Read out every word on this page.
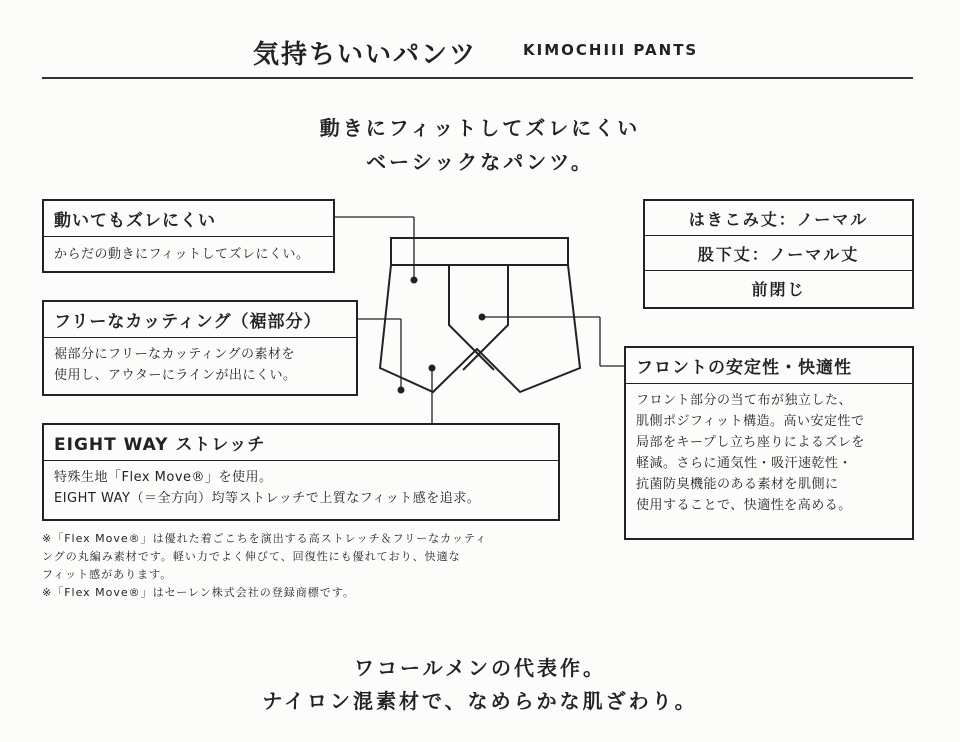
気持ちいいパンツ	KIMOCHIII PANTS
動きにフィットしてズレにくい
ベーシックなパンツ。
動いてもズレにくい
からだの動きにフィットしてズレにくい。
フリーなカッティング（裾部分）
裾部分にフリーなカッティングの素材を
使用し、アウターにラインが出にくい。
EIGHT WAY ストレッチ
特殊生地「Flex Move®」を使用。
EIGHT WAY（＝全方向）均等ストレッチで上質なフィット感を追求。
※「Flex Move®」は優れた着ごこちを演出する高ストレッチ＆フリーなカッティ
ングの丸編み素材です。軽い力でよく伸びて、回復性にも優れており、快適な
フィット感があります。
※「Flex Move®」はセーレン株式会社の登録商標です。
はきこみ丈：ノーマル
股下丈：ノーマル丈
前閉じ
フロントの安定性・快適性
フロント部分の当て布が独立した、
肌側ポジフィット構造。高い安定性で
局部をキープし立ち座りによるズレを
軽減。さらに通気性・吸汗速乾性・
抗菌防臭機能のある素材を肌側に
使用することで、快適性を高める。
ワコールメンの代表作。
ナイロン混素材で、なめらかな肌ざわり。
